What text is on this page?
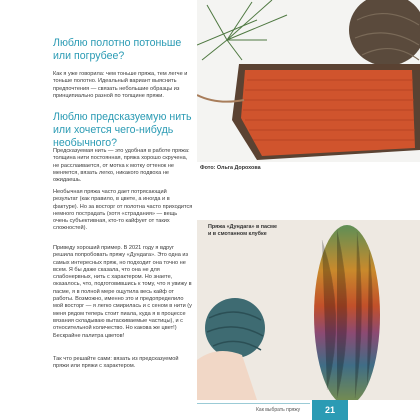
Люблю полотно потоньше или погрубее?

Как я уже говорила: чем тоньше пряжа, тем легче и тоньше полотно. Идеальный вариант выяснить предпочтения — связать небольшие образцы из принципиально разной по толщине пряжи.

Люблю предсказуемую нить или хочется чего-нибудь необычного?

Предсказуемая нить — это удобная в работе пряжа: толщина нити постоянная, пряжа хорошо скручена, не расслаивается, от мотка к мотку оттенок не меняется, вязать легко, никакого подвоха не ожидаешь.

Необычная пряжа часто дает потрясающий результат (как правило, в цвете, а иногда и в фактуре). Но за восторг от полотна часто приходится немного пострадать (хотя «страдания» — вещь очень субъективная, кто-то кайфует от таких сложностей).

Приведу хороший пример. В 2021 году я вдруг решила попробовать пряжу «Дундага». Это одна из самых интересных пряж, но подходит она точно не всем. Я бы даже сказала, что она не для слабонервных, нить с характером. Но знаете, оказалось, что, подготовившись к тому, что я увижу в пасме, я в полной мере ощутила весь кайф от работы. Возможно, именно это и предопределило мой восторг — я легко смирилась и с сеном в нити (у меня рядом теперь стоит пиала, куда я в процессе вязания складываю вытаскиваемые частицы), и с относительной количество. Но какова же цвет!) Бескрайне палитра цветов!

Так что решайте сами: вязать из предсказуемой пряжи или пряжи с характером.

Фото: Ольга Дорохова
Пряжа «Дундага» в пасме и в смотанном клубке
Как выбрать пряжу	21
